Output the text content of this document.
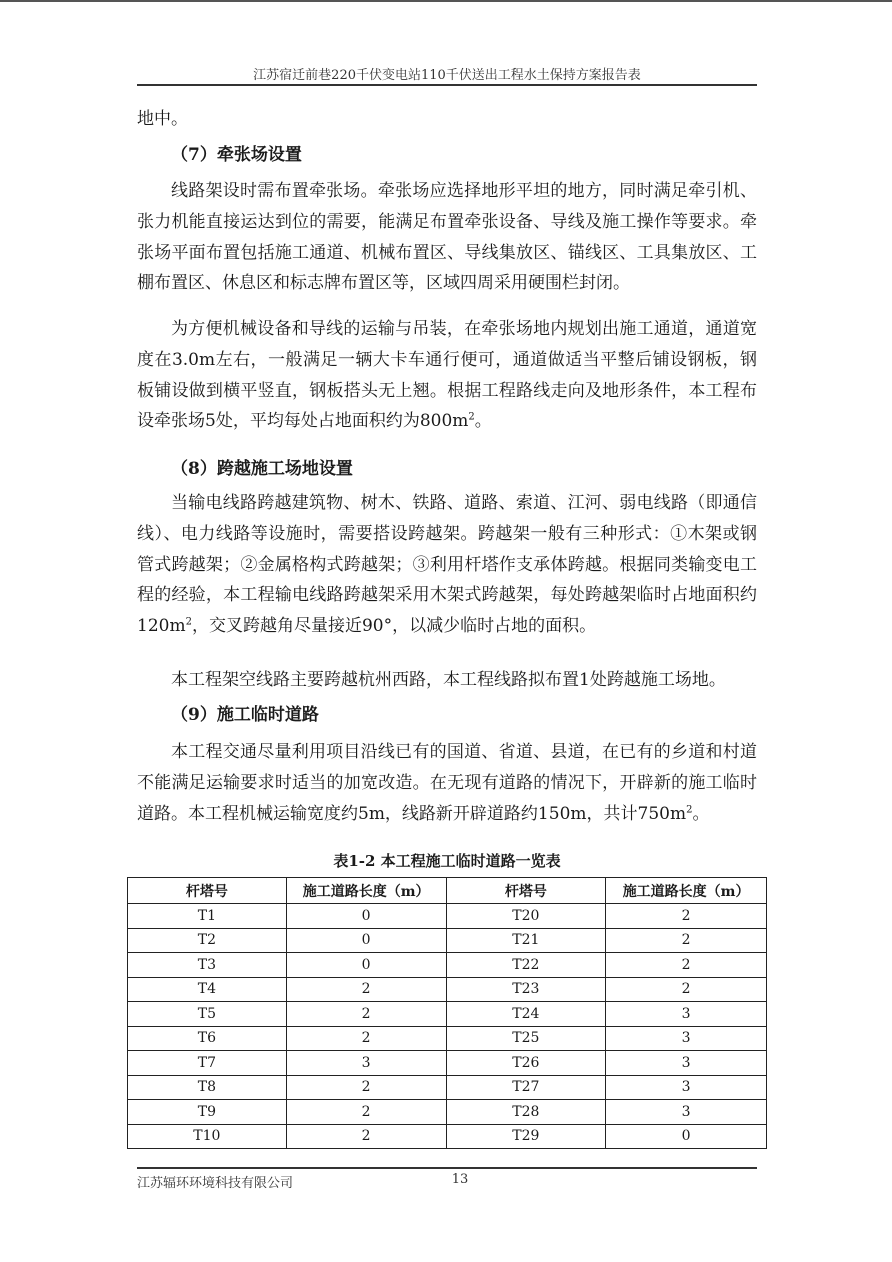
江苏宿迁前巷220千伏变电站110千伏送出工程水土保持方案报告表
地中。
（7）牵张场设置
线路架设时需布置牵张场。牵张场应选择地形平坦的地方，同时满足牵引机、张力机能直接运达到位的需要，能满足布置牵张设备、导线及施工操作等要求。牵张场平面布置包括施工通道、机械布置区、导线集放区、锚线区、工具集放区、工棚布置区、休息区和标志牌布置区等，区域四周采用硬围栏封闭。
为方便机械设备和导线的运输与吊装，在牵张场地内规划出施工通道，通道宽度在3.0m左右，一般满足一辆大卡车通行便可，通道做适当平整后铺设钢板，钢板铺设做到横平竖直，钢板搭头无上翘。根据工程路线走向及地形条件，本工程布设牵张场5处，平均每处占地面积约为$800m^2$。
（8）跨越施工场地设置
当输电线路跨越建筑物、树木、铁路、道路、索道、江河、弱电线路（即通信线）、电力线路等设施时，需要搭设跨越架。跨越架一般有三种形式：①木架或钢管式跨越架；②金属格构式跨越架；③利用杆塔作支承体跨越。根据同类输变电工程的经验，本工程输电线路跨越架采用木架式跨越架，每处跨越架临时占地面积约$120m^2$，交叉跨越角尽量接近90°，以减少临时占地的面积。
本工程架空线路主要跨越杭州西路，本工程线路拟布置1处跨越施工场地。
（9）施工临时道路
本工程交通尽量利用项目沿线已有的国道、省道、县道，在已有的乡道和村道不能满足运输要求时适当的加宽改造。在无现有道路的情况下，开辟新的施工临时道路。本工程机械运输宽度约5m，线路新开辟道路约150m，共计$750m^2$。
表1-2 本工程施工临时道路一览表
杆塔号	施工道路长度（m）	杆塔号	施工道路长度（m）
T1	0	T20	2
T2	0	T21	2
T3	0	T22	2
T4	2	T23	2
T5	2	T24	3
T6	2	T25	3
T7	3	T26	3
T8	2	T27	3
T9	2	T28	3
T10	2	T29	0
江苏辐环环境科技有限公司	13
